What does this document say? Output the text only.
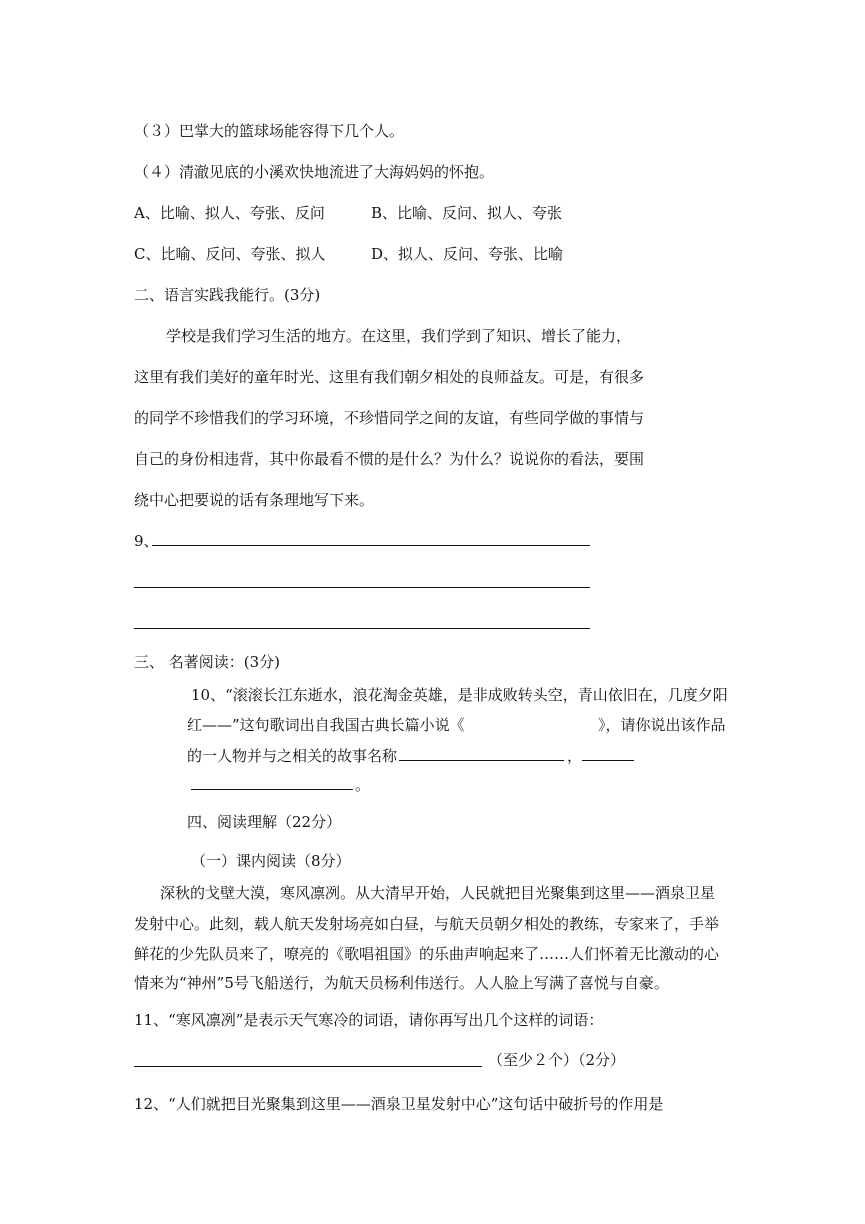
（３）巴掌大的篮球场能容得下几个人。
（４）清澈见底的小溪欢快地流进了大海妈妈的怀抱。
A、比喻、拟人、夸张、反问	B、比喻、反问、拟人、夸张
C、比喻、反问、夸张、拟人	D、拟人、反问、夸张、比喻
二、语言实践我能行。(3分)
学校是我们学习生活的地方。在这里，我们学到了知识、增长了能力，
这里有我们美好的童年时光、这里有我们朝夕相处的良师益友。可是，有很多
的同学不珍惜我们的学习环境，不珍惜同学之间的友谊，有些同学做的事情与
自己的身份相违背，其中你最看不惯的是什么？为什么？说说你的看法，要围
绕中心把要说的话有条理地写下来。
9、
三、 名著阅读：(3分)
10、“滚滚长江东逝水，浪花淘金英雄，是非成败转头空，青山依旧在，几度夕阳
红——”这句歌词出自我国古典长篇小说《	》，请你说出该作品
的一人物并与之相关的故事名称	，
。
四、阅读理解（22分）
（一）课内阅读（8分）
深秋的戈壁大漠，寒风凛冽。从大清早开始，人民就把目光聚集到这里——酒泉卫星
发射中心。此刻，载人航天发射场亮如白昼，与航天员朝夕相处的教练，专家来了，手举
鲜花的少先队员来了，嘹亮的《歌唱祖国》的乐曲声响起来了……人们怀着无比激动的心
情来为“神州”5号飞船送行，为航天员杨利伟送行。人人脸上写满了喜悦与自豪。
11、“寒风凛冽”是表示天气寒冷的词语，请你再写出几个这样的词语：
（至少２个）（2分）
12、“人们就把目光聚集到这里——酒泉卫星发射中心”这句话中破折号的作用是
